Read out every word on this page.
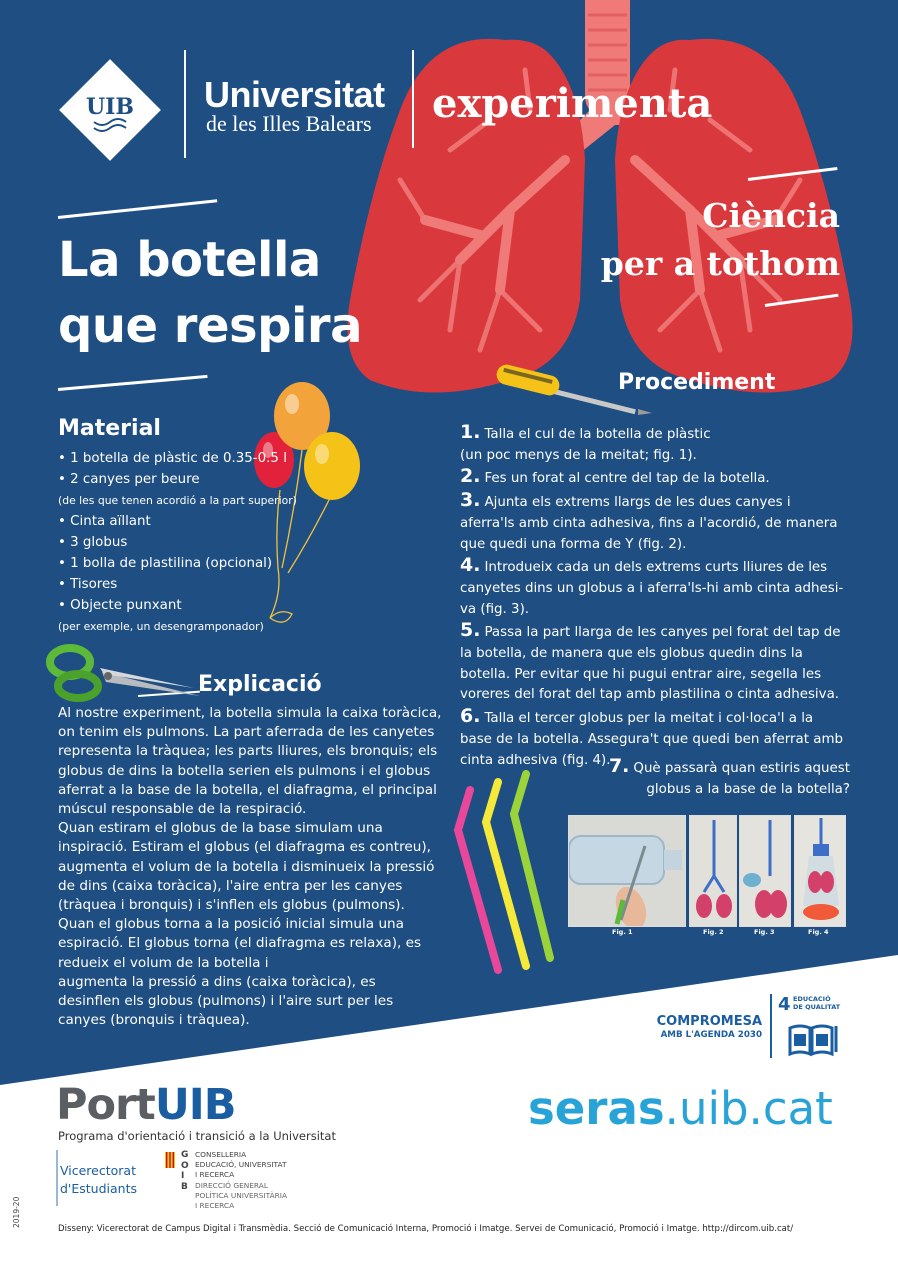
UIB Universitat
de les Illes Balears experimenta
Ciència
per a tothom
La botella
que respira
Material
• 1 botella de plàstic de 0.35-0.5 l
• 2 canyes per beure
(de les que tenen acordió a la part superior)
• Cinta aïllant
• 3 globus
• 1 bolla de plastilina (opcional)
• Tisores
• Objecte punxant
(per exemple, un desengramponador)
Procediment
1. Talla el cul de la botella de plàstic
(un poc menys de la meitat; fig. 1).
2. Fes un forat al centre del tap de la botella.
3. Ajunta els extrems llargs de les dues canyes i
aferra'ls amb cinta adhesiva, fins a l'acordió, de manera
que quedi una forma de Y (fig. 2).
4. Introdueix cada un dels extrems curts lliures de les
canyetes dins un globus a i aferra'ls-hi amb cinta adhesi-
va (fig. 3).
5. Passa la part llarga de les canyes pel forat del tap de
la botella, de manera que els globus quedin dins la
botella. Per evitar que hi pugui entrar aire, segella les
voreres del forat del tap amb plastilina o cinta adhesiva.
6. Talla el tercer globus per la meitat i col·loca'l a la
base de la botella. Assegura't que quedi ben aferrat amb
cinta adhesiva (fig. 4).
7. Què passarà quan estiris aquest
globus a la base de la botella?
Fig. 1	Fig. 2	Fig. 3	Fig. 4
Explicació

Al nostre experiment, la botella simula la caixa toràcica, on tenim els pulmons. La part aferrada de les canyetes representa la tràquea; les parts lliures, els bronquis; els globus de dins la botella serien els pulmons i el globus aferrat a la base de la botella, el diafragma, el principal múscul responsable de la respiració.

Quan estiram el globus de la base simulam una inspiració. Estiram el globus (el diafragma es contreu), augmenta el volum de la botella i disminueix la pressió de dins (caixa toràcica), l'aire entra per les canyes (tràquea i bronquis) i s'inflen els globus (pulmons).

Quan el globus torna a la posició inicial simula una espiració. El globus torna (el diafragma es relaxa), es redueix el volum de la botella i

augmenta la pressió a dins (caixa toràcica), es desinflen els globus (pulmons) i l'aire surt per les canyes (bronquis i tràquea).	COMPROMESA
AMB L'AGENDA 2030
4 EDUCACIÓ
DE QUALITAT
PortUIB
Programa d'orientació i transició a la Universitat
Vicerectorat
d'Estudiants
G
O
I
B
CONSELLERIA
EDUCACIÓ, UNIVERSITAT
I RECERCA
DIRECCIÓ GENERAL
POLÍTICA UNIVERSITÀRIA
I RECERCA
seras.uib.cat
Disseny: Vicerectorat de Campus Digital i Transmèdia. Secció de Comunicació Interna, Promoció i Imatge. Servei de Comunicació, Promoció i Imatge. http://dircom.uib.cat/
2019-20
